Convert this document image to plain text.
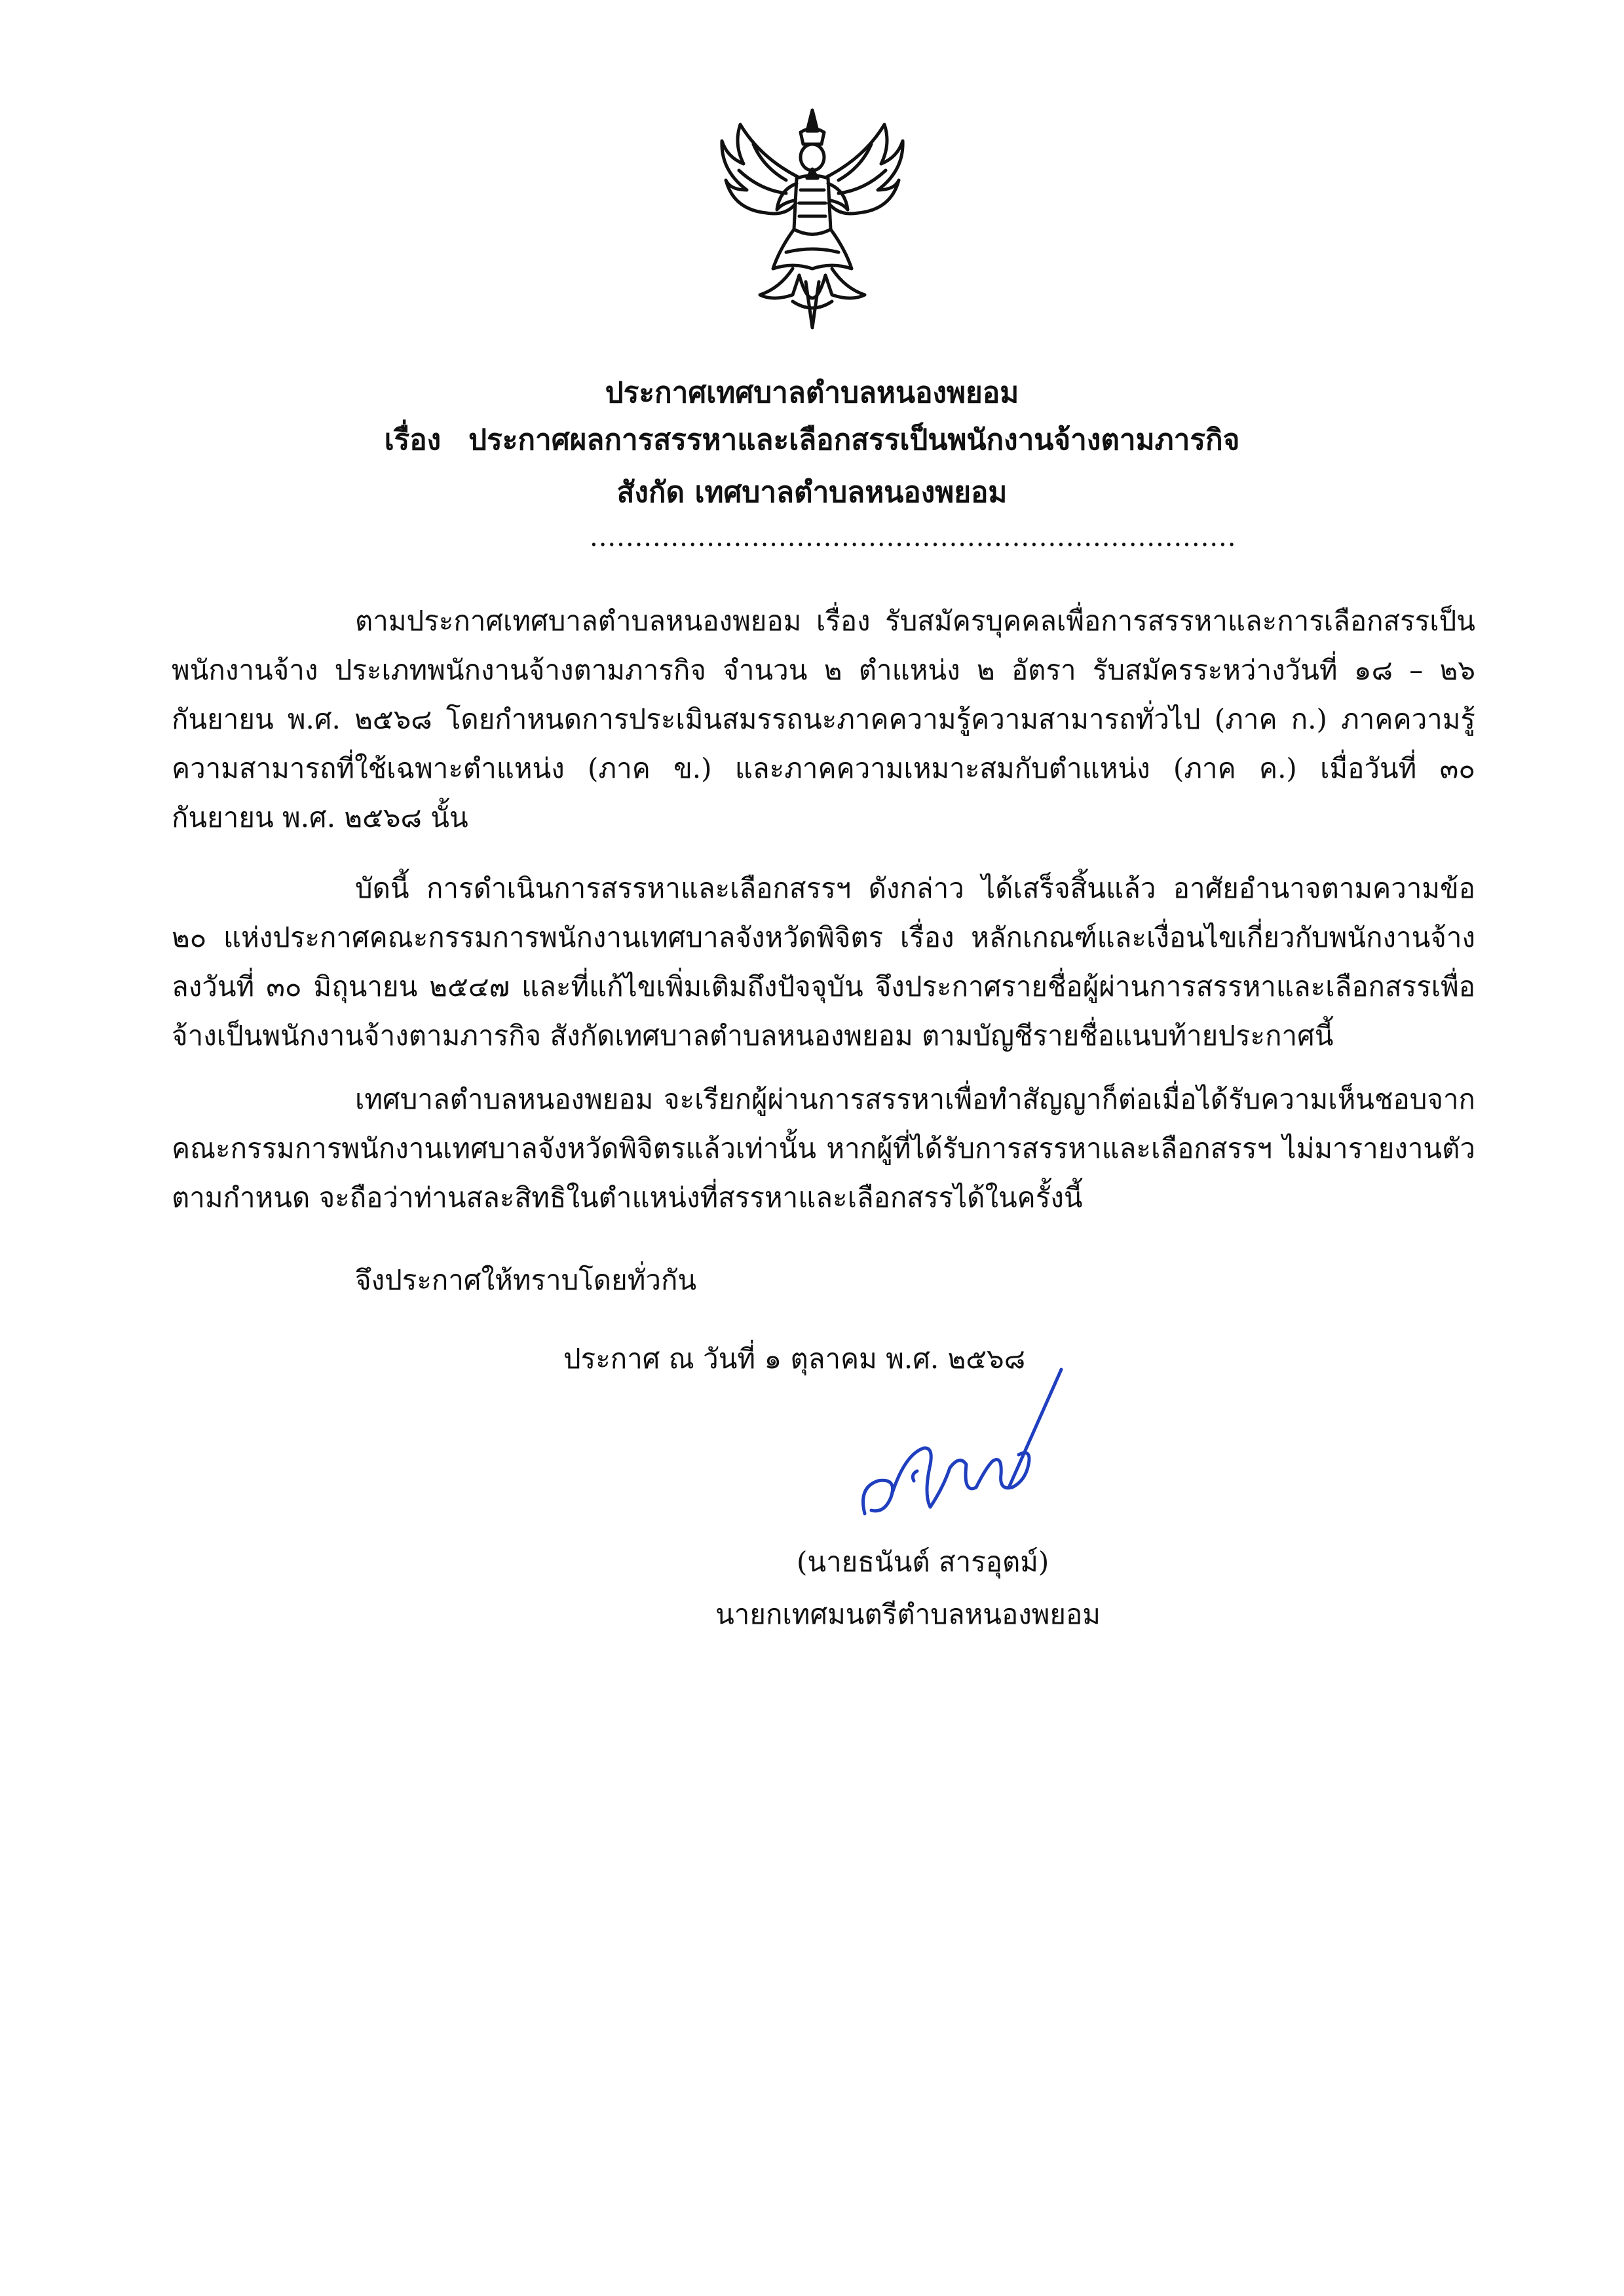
ประกาศเทศบาลตำบลหนองพยอม
เรื่อง ประกาศผลการสรรหาและเลือกสรรเป็นพนักงานจ้างตามภารกิจ
สังกัด เทศบาลตำบลหนองพยอม
........................................................................

ตามประกาศเทศบาลตำบลหนองพยอม เรื่อง รับสมัครบุคคลเพื่อการสรรหาและการเลือกสรรเป็นพนักงานจ้าง ประเภทพนักงานจ้างตามภารกิจ จำนวน ๒ ตำแหน่ง ๒ อัตรา รับสมัครระหว่างวันที่ ๑๘ – ๒๖ กันยายน พ.ศ. ๒๕๖๘ โดยกำหนดการประเมินสมรรถนะภาคความรู้ความสามารถทั่วไป (ภาค ก.) ภาคความรู้ความสามารถที่ใช้เฉพาะตำแหน่ง (ภาค ข.) และภาคความเหมาะสมกับตำแหน่ง (ภาค ค.) เมื่อวันที่ ๓๐ กันยายน พ.ศ. ๒๕๖๘ นั้น

บัดนี้ การดำเนินการสรรหาและเลือกสรรฯ ดังกล่าว ได้เสร็จสิ้นแล้ว อาศัยอำนาจตามความข้อ ๒๐ แห่งประกาศคณะกรรมการพนักงานเทศบาลจังหวัดพิจิตร เรื่อง หลักเกณฑ์และเงื่อนไขเกี่ยวกับพนักงานจ้าง ลงวันที่ ๓๐ มิถุนายน ๒๕๔๗ และที่แก้ไขเพิ่มเติมถึงปัจจุบัน จึงประกาศรายชื่อผู้ผ่านการสรรหาและเลือกสรรเพื่อจ้างเป็นพนักงานจ้างตามภารกิจ สังกัดเทศบาลตำบลหนองพยอม ตามบัญชีรายชื่อแนบท้ายประกาศนี้

เทศบาลตำบลหนองพยอม จะเรียกผู้ผ่านการสรรหาเพื่อทำสัญญาก็ต่อเมื่อได้รับความเห็นชอบจากคณะกรรมการพนักงานเทศบาลจังหวัดพิจิตรแล้วเท่านั้น หากผู้ที่ได้รับการสรรหาและเลือกสรรฯ ไม่มารายงานตัวตามกำหนด จะถือว่าท่านสละสิทธิในตำแหน่งที่สรรหาและเลือกสรรได้ในครั้งนี้

จึงประกาศให้ทราบโดยทั่วกัน
ประกาศ ณ วันที่ ๑ ตุลาคม พ.ศ. ๒๕๖๘
(นายธนันต์ สารอุตม์)
นายกเทศมนตรีตำบลหนองพยอม
